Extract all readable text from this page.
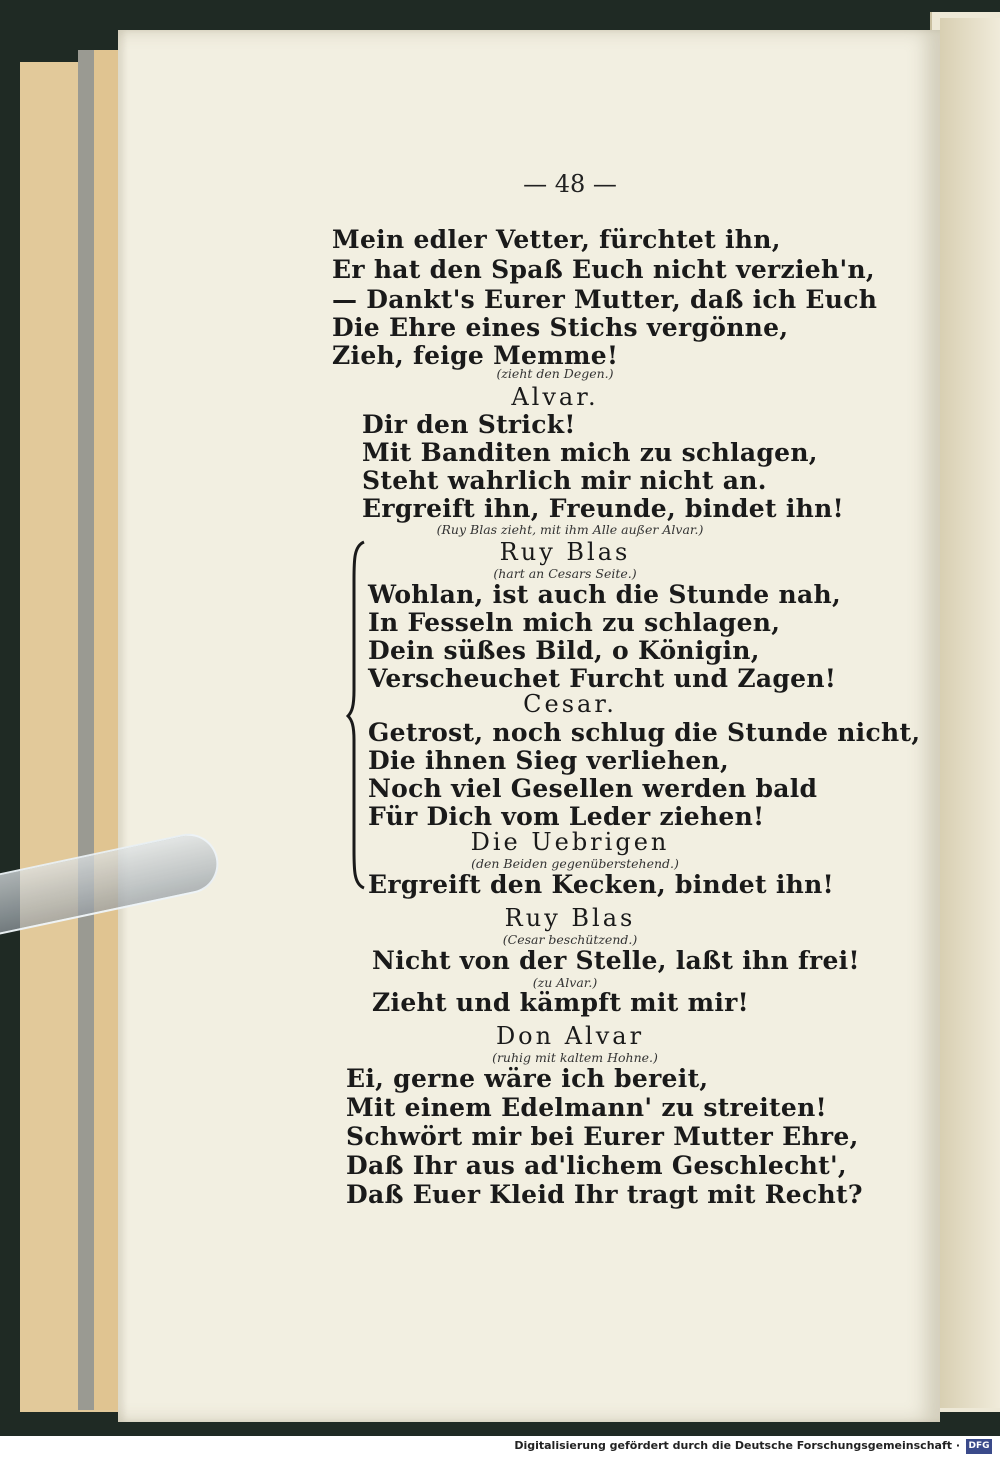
— 48 —
Mein edler Vetter, fürchtet ihn,
Er hat den Spaß Euch nicht verzieh'n,
— Dankt's Eurer Mutter, daß ich Euch
Die Ehre eines Stichs vergönne,
Zieh, feige Memme!
(zieht den Degen.)
Alvar.
Dir den Strick!
Mit Banditen mich zu schlagen,
Steht wahrlich mir nicht an.
Ergreift ihn, Freunde, bindet ihn!
(Ruy Blas zieht, mit ihm Alle außer Alvar.)
Ruy Blas
(hart an Cesars Seite.)
Wohlan, ist auch die Stunde nah,
In Fesseln mich zu schlagen,
Dein süßes Bild, o Königin,
Verscheuchet Furcht und Zagen!
Cesar.
Getrost, noch schlug die Stunde nicht,
Die ihnen Sieg verliehen,
Noch viel Gesellen werden bald
Für Dich vom Leder ziehen!
Die Uebrigen
(den Beiden gegenüberstehend.)
Ergreift den Kecken, bindet ihn!
Ruy Blas
(Cesar beschützend.)
Nicht von der Stelle, laßt ihn frei!
(zu Alvar.)
Zieht und kämpft mit mir!
Don Alvar
(ruhig mit kaltem Hohne.)
Ei, gerne wäre ich bereit,
Mit einem Edelmann' zu streiten!
Schwört mir bei Eurer Mutter Ehre,
Daß Ihr aus ad'lichem Geschlecht',
Daß Euer Kleid Ihr tragt mit Recht?
Digitalisierung gefördert durch die Deutsche Forschungsgemeinschaft · DFG
